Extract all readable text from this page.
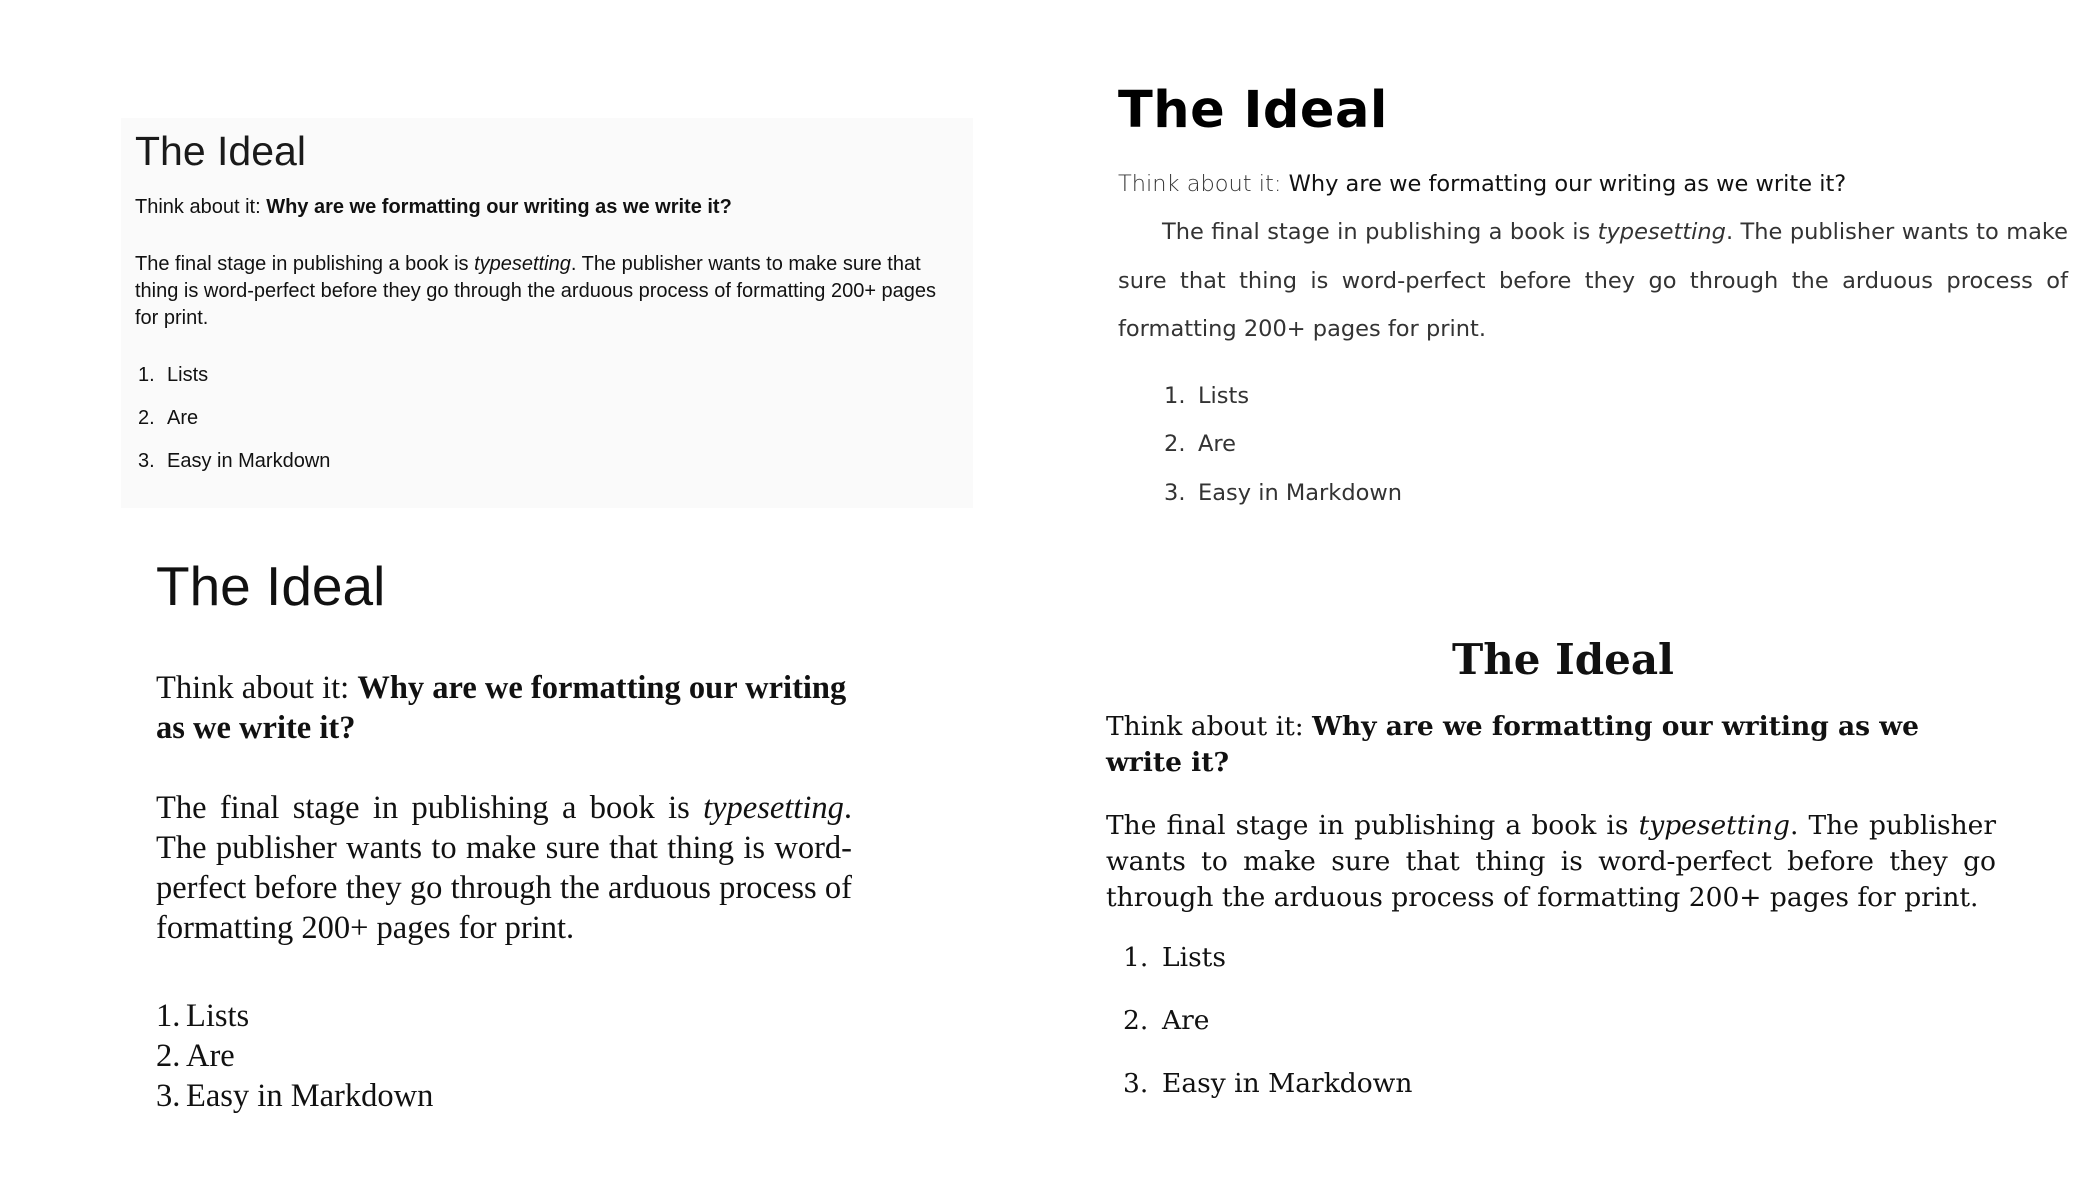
The Ideal

Think about it: Why are we formatting our writing as we write it?

The final stage in publishing a book is typesetting. The publisher wants to make sure that thing is word-perfect before they go through the arduous process of formatting 200+ pages for print.

1. Lists
2. Are
3. Easy in Markdown
The Ideal

Think about it: Why are we formatting our writing as we write it?

The final stage in publishing a book is typesetting. The publisher wants to make sure that thing is word-perfect before they go through the arduous process of formatting 200+ pages for print.

1. Lists
2. Are
3. Easy in Markdown
The Ideal

Think about it: Why are we formatting our writing as we write it?

The final stage in publishing a book is typesetting. The publisher wants to make sure that thing is word-perfect before they go through the arduous process of formatting 200+ pages for print.

1. Lists
2. Are
3. Easy in Markdown
The Ideal

Think about it: Why are we formatting our writing as we write it?

The final stage in publishing a book is typesetting. The publisher wants to make sure that thing is word-perfect before they go through the arduous process of formatting 200+ pages for print.

1. Lists
2. Are
3. Easy in Markdown
